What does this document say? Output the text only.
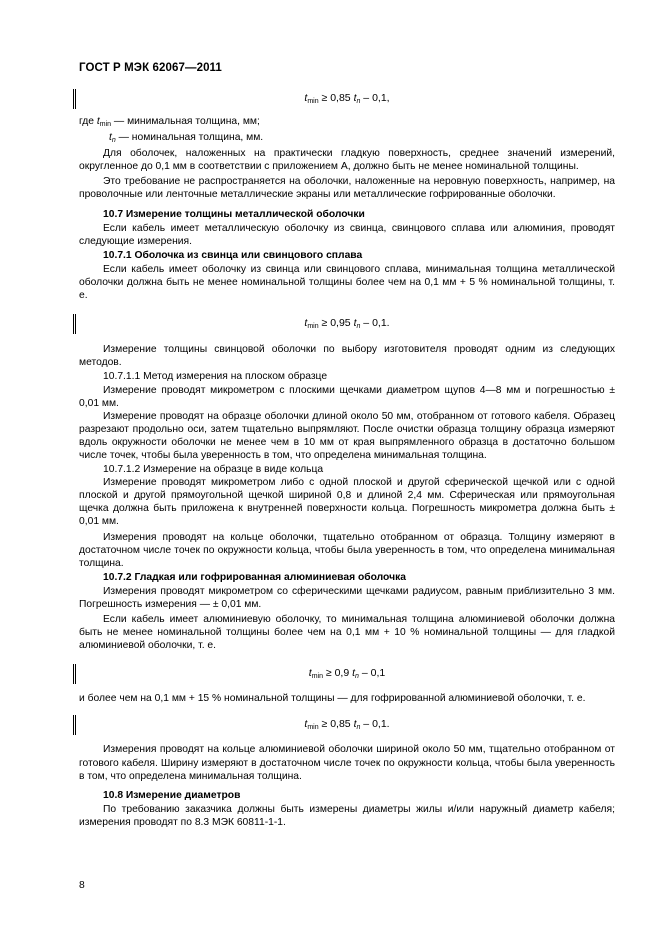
ГОСТ Р МЭК 62067—2011
$t_{min} \ge 0,85$ $t_n - 0,1$,

где $t_{min}$ — минимальная толщина, мм;

$t_n$ — номинальная толщина, мм.

Для оболочек, наложенных на практически гладкую поверхность, среднее значений измерений, округленное до 0,1 мм в соответствии с приложением А, должно быть не менее номинальной толщины.

Это требование не распространяется на оболочки, наложенные на неровную поверхность, например, на проволочные или ленточные металлические экраны или металлические гофрированные оболочки.

10.7 Измерение толщины металлической оболочки

Если кабель имеет металлическую оболочку из свинца, свинцового сплава или алюминия, проводят следующие измерения.

10.7.1 Оболочка из свинца или свинцового сплава

Если кабель имеет оболочку из свинца или свинцового сплава, минимальная толщина металлической оболочки должна быть не менее номинальной толщины более чем на 0,1 мм + 5 % номинальной толщины, т. е.

$t_{min} \ge 0,95$ $t_n - 0,1$.

Измерение толщины свинцовой оболочки по выбору изготовителя проводят одним из следующих методов.

10.7.1.1 Метод измерения на плоском образце

Измерение проводят микрометром с плоскими щечками диаметром щупов 4—8 мм и погрешностью ± 0,01 мм.

Измерение проводят на образце оболочки длиной около 50 мм, отобранном от готового кабеля. Образец разрезают продольно оси, затем тщательно выпрямляют. После очистки образца толщину образца измеряют вдоль окружности оболочки не менее чем в 10 мм от края выпрямленного образца в достаточно большом числе точек, чтобы была уверенность в том, что определена минимальная толщина.

10.7.1.2 Измерение на образце в виде кольца

Измерение проводят микрометром либо с одной плоской и другой сферической щечкой или с одной плоской и другой прямоугольной щечкой шириной 0,8 и длиной 2,4 мм. Сферическая или прямоугольная щечка должна быть приложена к внутренней поверхности кольца. Погрешность микрометра должна быть ± 0,01 мм.

Измерения проводят на кольце оболочки, тщательно отобранном от образца. Толщину измеряют в достаточном числе точек по окружности кольца, чтобы была уверенность в том, что определена минимальная толщина.

10.7.2 Гладкая или гофрированная алюминиевая оболочка

Измерения проводят микрометром со сферическими щечками радиусом, равным приблизительно 3 мм. Погрешность измерения — ± 0,01 мм.

Если кабель имеет алюминиевую оболочку, то минимальная толщина алюминиевой оболочки должна быть не менее номинальной толщины более чем на 0,1 мм + 10 % номинальной толщины — для гладкой алюминиевой оболочки, т. е.

$t_{min} \ge 0,9$ $t_n - 0,1$

и более чем на 0,1 мм + 15 % номинальной толщины — для гофрированной алюминиевой оболочки, т. е.

$t_{min} \ge 0,85$ $t_n - 0,1$.

Измерения проводят на кольце алюминиевой оболочки шириной около 50 мм, тщательно отобранном от готового кабеля. Ширину измеряют в достаточном числе точек по окружности кольца, чтобы была уверенность в том, что определена минимальная толщина.

10.8 Измерение диаметров

По требованию заказчика должны быть измерены диаметры жилы и/или наружный диаметр кабеля; измерения проводят по 8.3 МЭК 60811-1-1.

8
